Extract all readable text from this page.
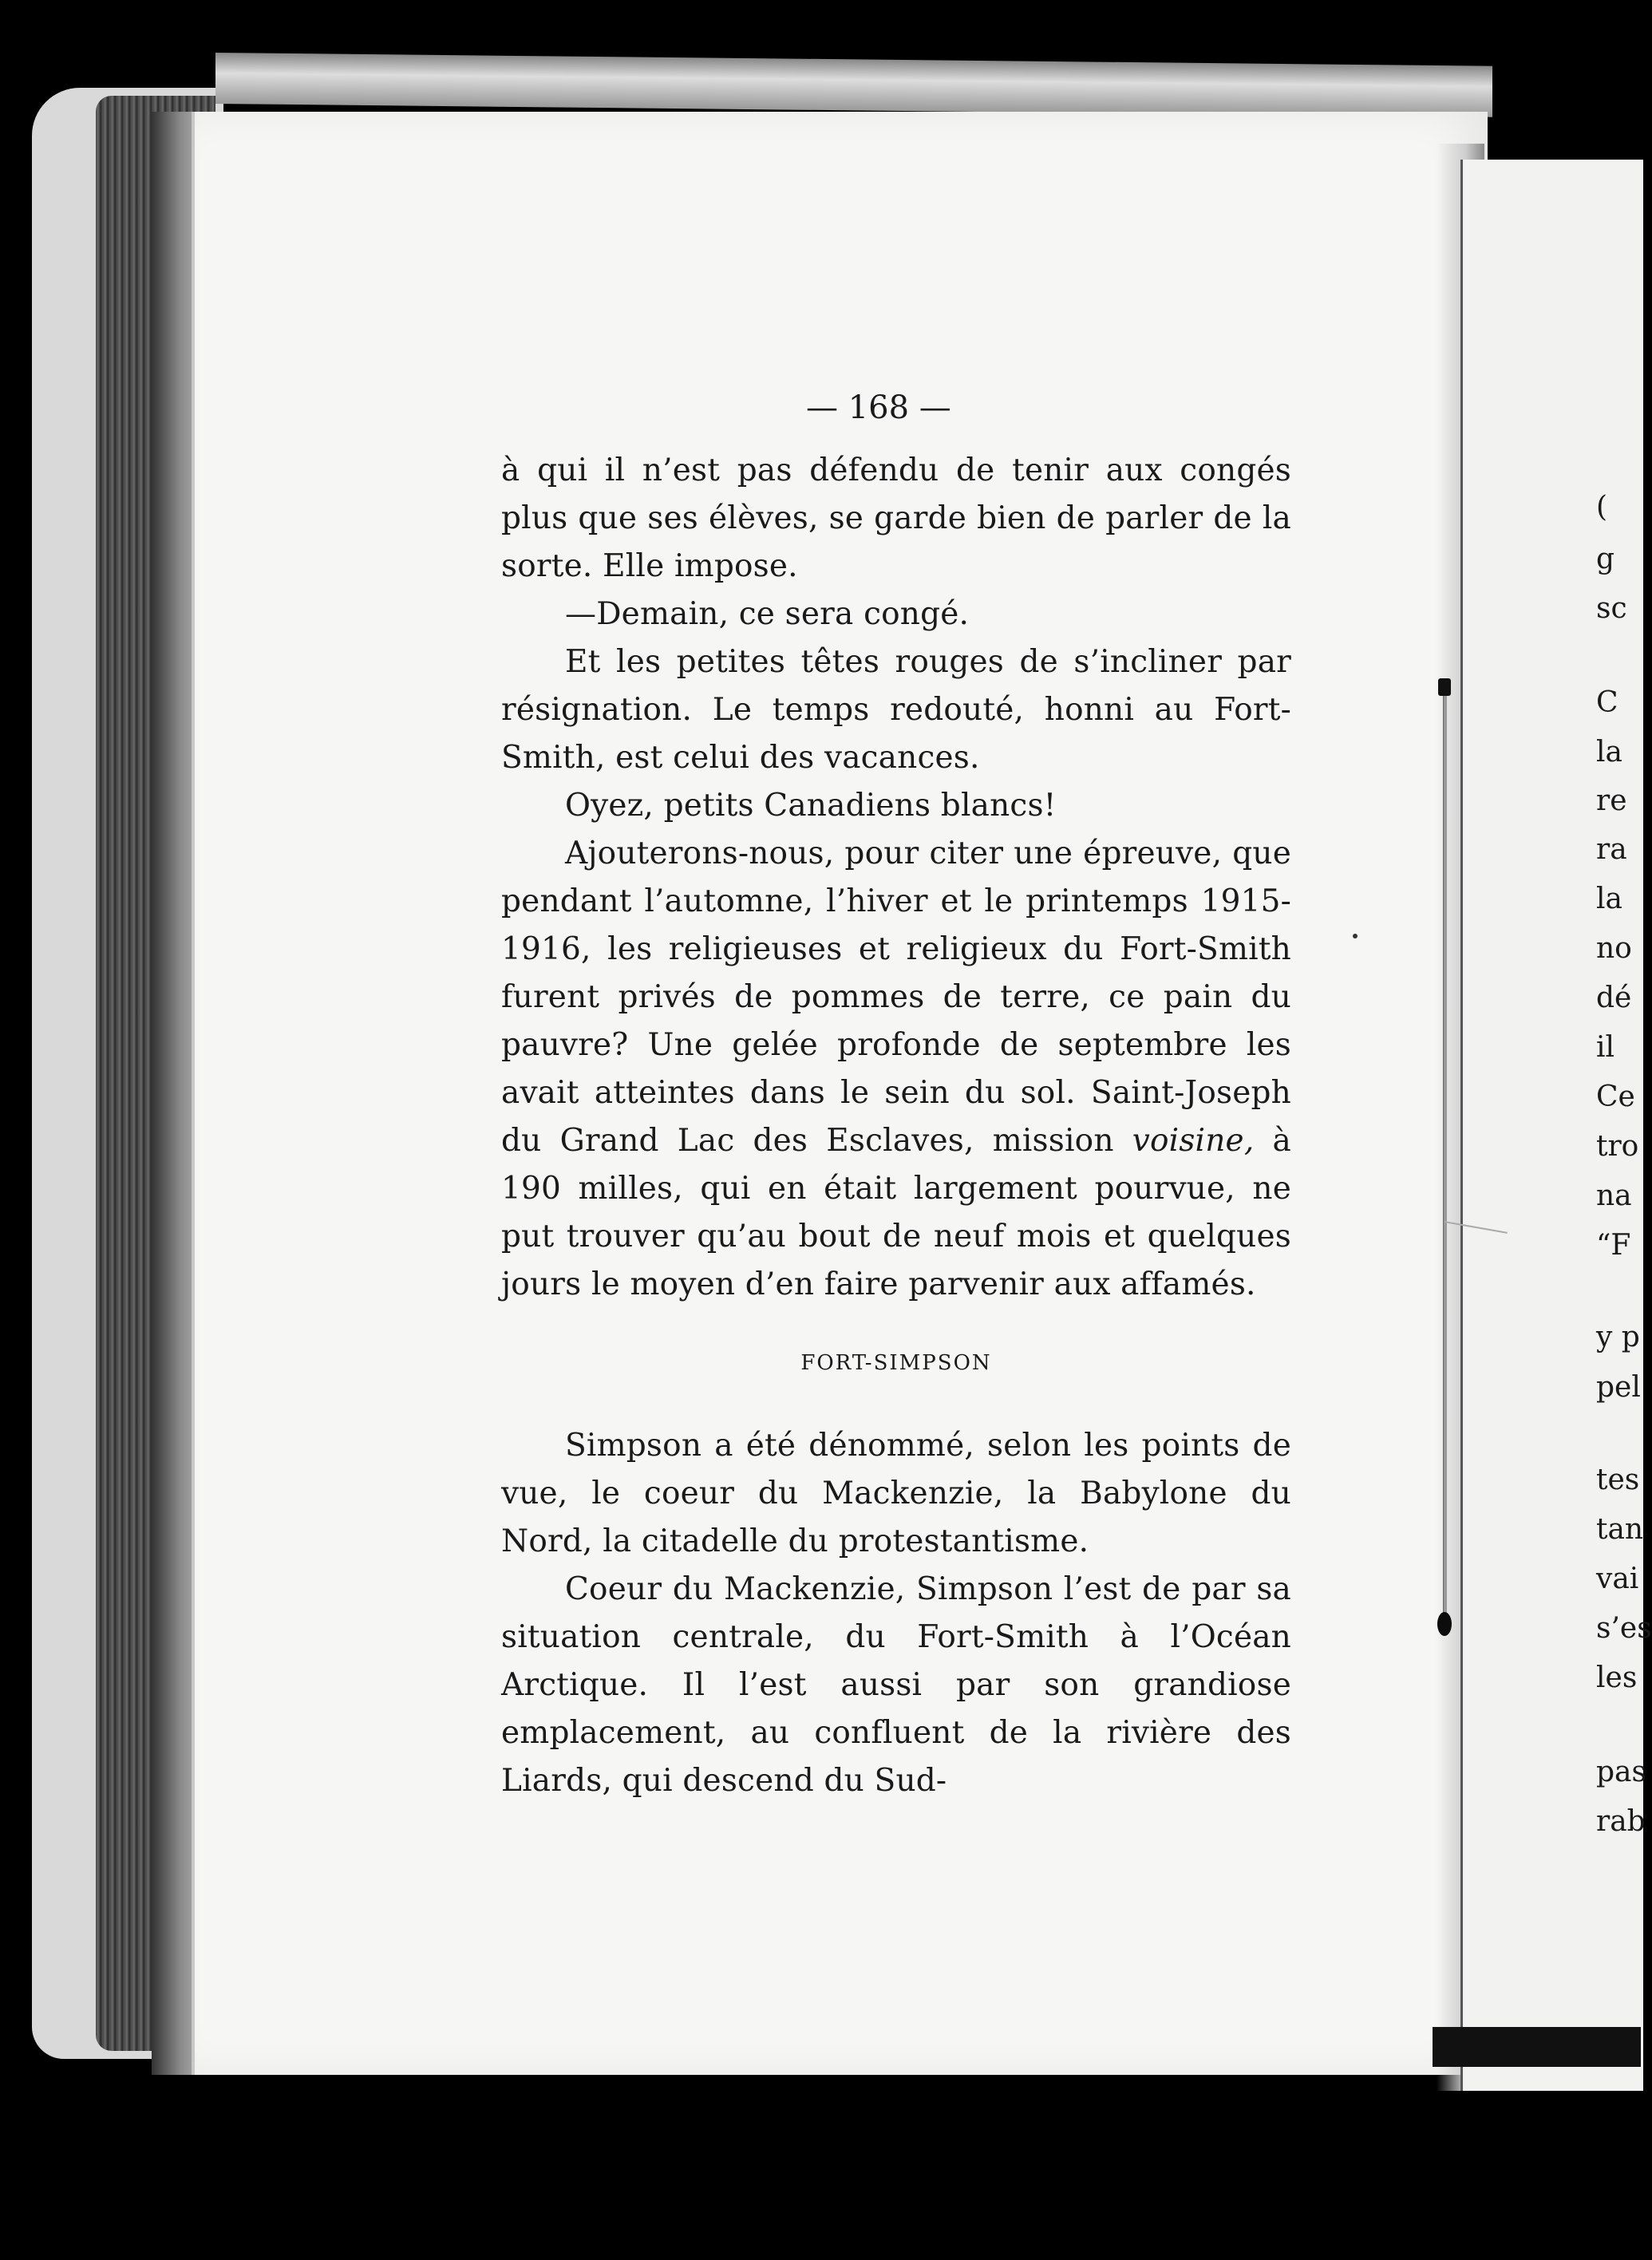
— 168 —

à qui il n’est pas défendu de tenir aux congés plus que ses élèves, se garde bien de parler de la sorte. Elle impose.

—Demain, ce sera congé.

Et les petites têtes rouges de s’incliner par résignation. Le temps redouté, honni au Fort-Smith, est celui des vacances.

Oyez, petits Canadiens blancs!

Ajouterons-nous, pour citer une épreuve, que pendant l’automne, l’hiver et le printemps 1915-1916, les religieuses et religieux du Fort-Smith furent privés de pommes de terre, ce pain du pauvre? Une gelée profonde de septembre les avait atteintes dans le sein du sol. Saint-Joseph du Grand Lac des Esclaves, mission voisine, à 190 milles, qui en était largement pourvue, ne put trouver qu’au bout de neuf mois et quelques jours le moyen d’en faire parvenir aux affamés.

FORT-SIMPSON

Simpson a été dénommé, selon les points de vue, le coeur du Mackenzie, la Babylone du Nord, la citadelle du protestantisme.

Coeur du Mackenzie, Simpson l’est de par sa situation centrale, du Fort-Smith à l’Océan Arctique. Il l’est aussi par son grandiose emplacement, au confluent de la rivière des Liards, qui descend du Sud-

(
g
sc
C
la
re
ra
la
no
dé
il
Ce
tro
na
“F
y p
pel
tes
tan
vai
s’es
les
pas
rab
